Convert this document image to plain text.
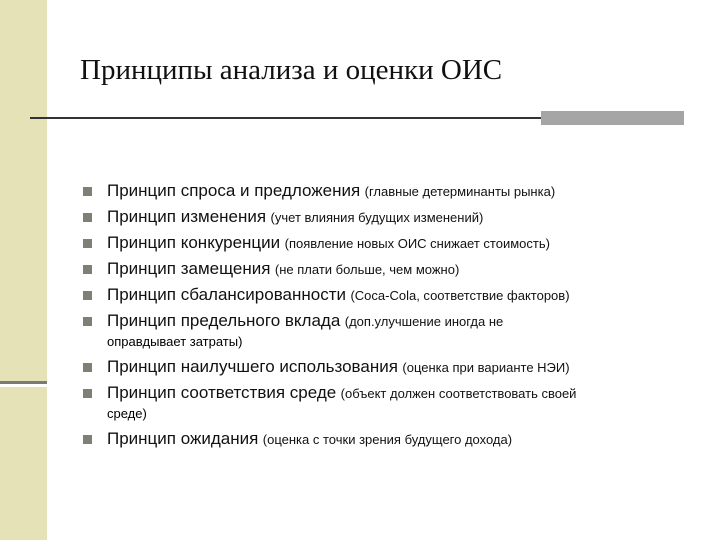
Принципы анализа и оценки ОИС
Принцип спроса и предложения (главные детерминанты рынка)
Принцип изменения (учет влияния будущих изменений)
Принцип конкуренции (появление новых ОИС снижает стоимость)
Принцип замещения (не плати больше, чем можно)
Принцип сбалансированности (Coca-Cola, соответствие факторов)
Принцип предельного вклада (доп.улучшение иногда не
оправдывает затраты)
Принцип наилучшего использования (оценка при варианте НЭИ)
Принцип соответствия среде (объект должен соответствовать своей
среде)
Принцип ожидания (оценка с точки зрения будущего дохода)
